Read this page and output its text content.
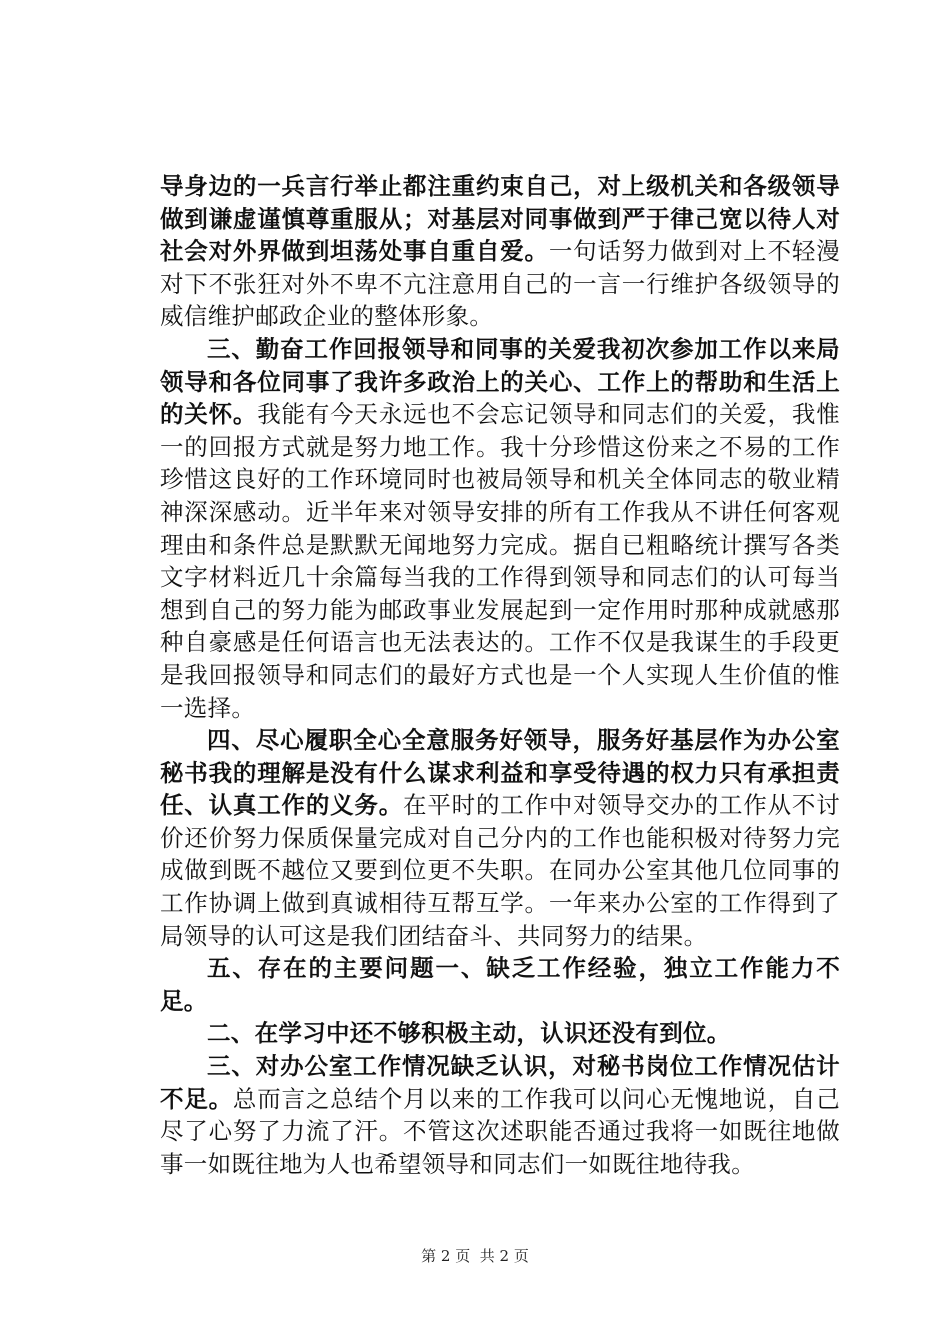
导身边的一兵言行举止都注重约束自己，对上级机关和各级领导做到谦虚谨慎尊重服从；对基层对同事做到严于律己宽以待人对社会对外界做到坦荡处事自重自爱。一句话努力做到对上不轻漫对下不张狂对外不卑不亢注意用自己的一言一行维护各级领导的威信维护邮政企业的整体形象。

三、勤奋工作回报领导和同事的关爱我初次参加工作以来局领导和各位同事了我许多政治上的关心、工作上的帮助和生活上的关怀。我能有今天永远也不会忘记领导和同志们的关爱，我惟一的回报方式就是努力地工作。我十分珍惜这份来之不易的工作珍惜这良好的工作环境同时也被局领导和机关全体同志的敬业精神深深感动。近半年来对领导安排的所有工作我从不讲任何客观理由和条件总是默默无闻地努力完成。据自已粗略统计撰写各类文字材料近几十余篇每当我的工作得到领导和同志们的认可每当想到自己的努力能为邮政事业发展起到一定作用时那种成就感那种自豪感是任何语言也无法表达的。工作不仅是我谋生的手段更是我回报领导和同志们的最好方式也是一个人实现人生价值的惟一选择。

四、尽心履职全心全意服务好领导，服务好基层作为办公室秘书我的理解是没有什么谋求利益和享受待遇的权力只有承担责任、认真工作的义务。在平时的工作中对领导交办的工作从不讨价还价努力保质保量完成对自己分内的工作也能积极对待努力完成做到既不越位又要到位更不失职。在同办公室其他几位同事的工作协调上做到真诚相待互帮互学。一年来办公室的工作得到了局领导的认可这是我们团结奋斗、共同努力的结果。

五、存在的主要问题一、缺乏工作经验，独立工作能力不足。

二、在学习中还不够积极主动，认识还没有到位。

三、对办公室工作情况缺乏认识，对秘书岗位工作情况估计不足。总而言之总结个月以来的工作我可以问心无愧地说，自己尽了心努了力流了汗。不管这次述职能否通过我将一如既往地做事一如既往地为人也希望领导和同志们一如既往地待我。

第 2 页  共 2 页
